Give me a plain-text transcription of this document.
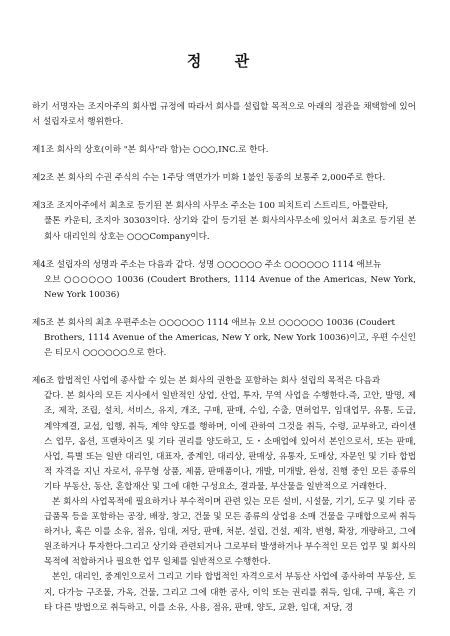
정 관

하기 서명자는 조지아주의 회사법 규정에 따라서 회사를 설립할 목적으로 아래의 정관을 채택함에 있어서 설립자로서 행위한다.

제1조 회사의 상호(이하 "본 회사"라 함)는 ○○○,INC.로 한다.

제2조 본 회사의 수권 주식의 수는 1주당 액면가가 미화 1불인 동종의 보통주 2,000주로 한다.

제3조 조지아주에서 최초로 등기된 본 회사의 사무소 주소는 100 피치트리 스트리트, 아틀란타,
풀톤 카운티, 조지아 30303이다. 상기와 같이 등기된 본 회사의사무소에 있어서 최초로 등기된 본 회사 대리인의 상호는 ○○○Company이다.

제4조 설립자의 성명과 주소는 다음과 같다. 성명 ○○○○○○ 주소 ○○○○○○ 1114 애브뉴
오브 ○○○○○○ 10036 (Coudert Brothers, 1114 Avenue of the Americas, New York, New York 10036)

제5조 본 회사의 최초 우편주소는 ○○○○○○ 1114 애브뉴 오브 ○○○○○○ 10036 (Coudert
Brothers, 1114 Avenue of the Americas, New Y ork, New York 10036)이고, 우편 수신인은 티모시 ○○○○○○으로 한다.

제6조 합법적인 사업에 종사할 수 있는 본 회사의 권한을 포함하는 회사 설립의 목적은 다음과
같다. 본 회사의 모든 지사에서 일반적인 상업, 산업, 투자, 무역 사업을 수행한다.즉, 고안, 발명, 제조, 제작, 조립, 설치, 서비스, 유지, 개조, 구매, 판매, 수입, 수출, 면허업무, 임대업무, 유통, 도급, 계약계결, 교섭, 입행, 취득, 계약 양도를 행하며, 이에 관하여 그것을 취득, 수령, 교부하고, 라이센스 업무, 옵션, 프랜차이즈 및 기타 권리를 양도하고, 도・소매업에 있어서 본인으로서, 또는 판매, 사업, 특별 또는 일반 대리인, 대표자, 중계인, 대리상, 판매상, 유통자, 도매상, 자문인 및 기타 합법적 자격을 지닌 자로서, 유무형 상품, 제품, 판매품이나, 개발, 미개발, 완성, 진행 중인 모든 종류의 기타 부동산, 동산, 혼합재산 및 그에 대한 구성요소, 결과물, 부산물을 일반적으로 거래한다.
본 회사의 사업목적에 필요하거나 부수적이며 관련 있는 모든 설비, 시설물, 기기, 도구 및 기타 공급품목 등을 포함하는 공장, 배장, 창고, 건물 및 모든 종류의 상업용 소매 건물을 구매합으로써 취득하거나, 혹은 이를 소유, 점유, 임대, 저당, 판매, 처분, 설립, 건설, 제작, 변형, 확장, 개량하고, 그에 원조하거나 투자한다.그리고 상기와 관련되거나 그로부터 발생하거나 부수적인 모든 업무 및 회사의 목적에 적합하거나 필요한 업무 일체를 일반적으로 수행한다.
본인, 대리인, 중계인으로서 그리고 기타 합법적인 자격으로서 부동산 사업에 종사하여 부동산, 토지, 다가능 구조물, 가옥, 건물, 그리고 그에 대한 공사, 이익 또는 권리를 취득, 임대, 구매, 혹은 기타 다른 방법으로 취득하고, 이를 소유, 사용, 점유, 판매, 양도, 교환, 임대, 저당, 경
